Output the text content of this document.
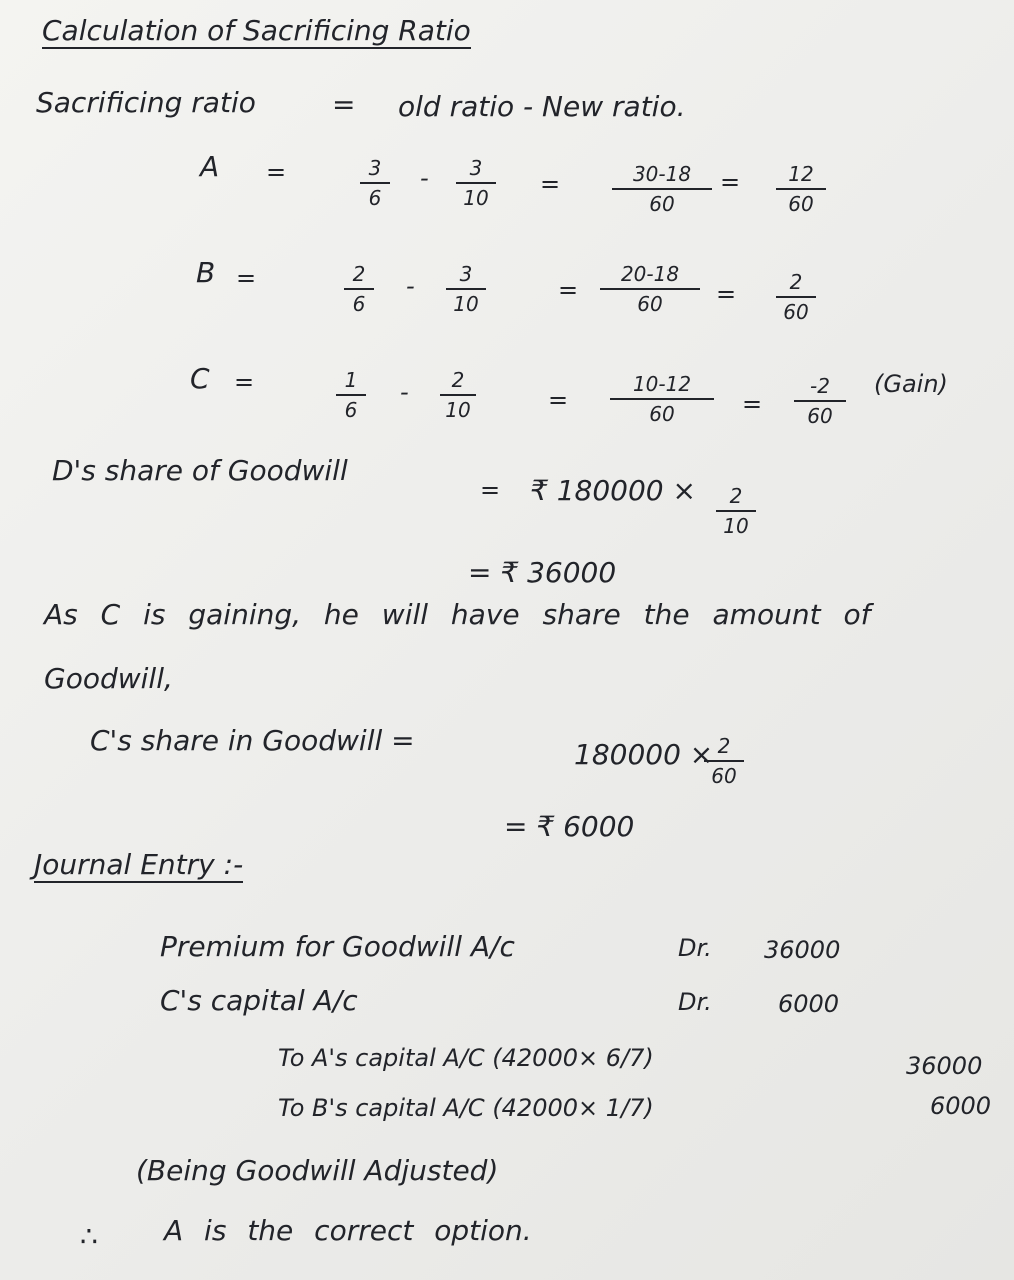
Calculation of Sacrificing Ratio
Sacrificing ratio	= old ratio - New ratio.
A =	3
6
-	3
10	=	30-18
60
=	12
60
B =	2
6
-	3
10	=
20-18
60	=	2
60
C =	1
6
-	2
10	=
10-12
60	=
-2
60
(Gain)
D's share of Goodwill
= ₹ 180000 ×	2
10
= ₹ 36000
As C is gaining, he will have share the amount of
Goodwill,
C's share in Goodwill =	180000 × 2
60
= ₹ 6000
Journal Entry :-
Premium for Goodwill A/c	Dr. 36000
C's capital A/c	Dr.	6000
To A's capital A/C (42000× 6/7)	36000
To B's capital A/C (42000× 1/7)	6000
(Being Goodwill Adjusted)
∴ A is the correct option.
